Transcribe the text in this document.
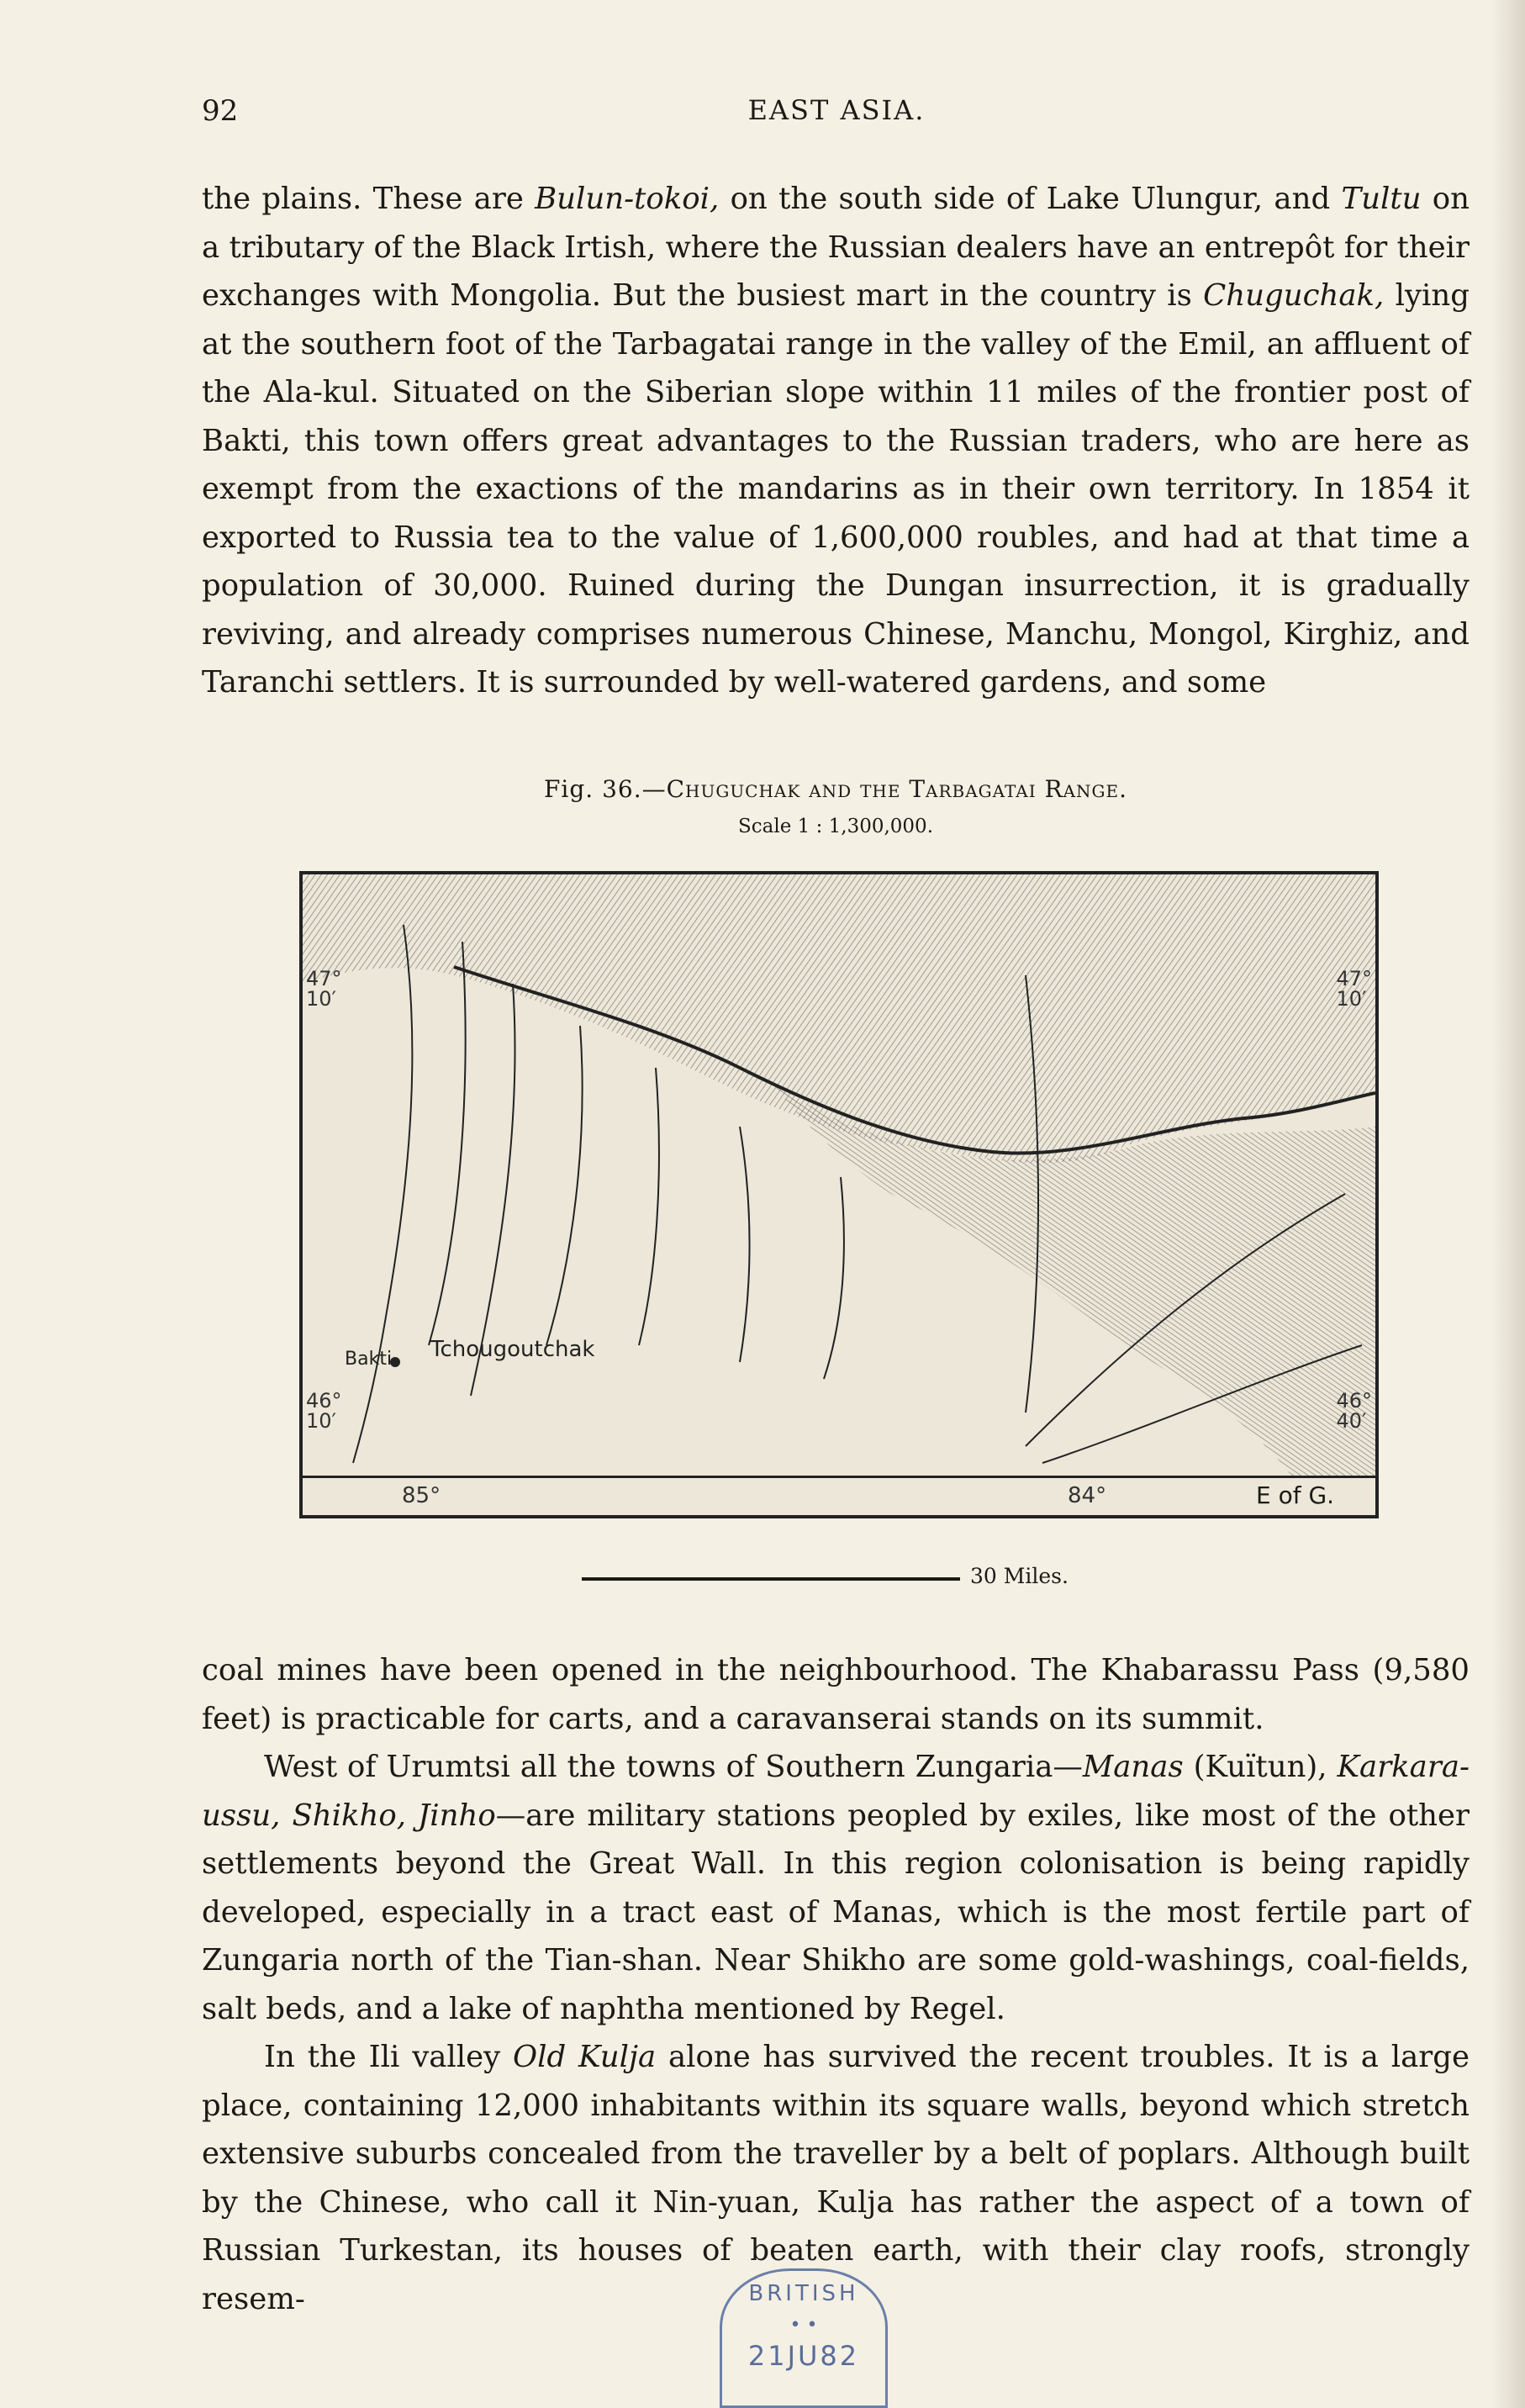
92	EAST ASIA.

the plains. These are Bulun-tokoi, on the south side of Lake Ulungur, and Tultu on a tributary of the Black Irtish, where the Russian dealers have an entrepôt for their exchanges with Mongolia. But the busiest mart in the country is Chuguchak, lying at the southern foot of the Tarbagatai range in the valley of the Emil, an affluent of the Ala-kul. Situated on the Siberian slope within 11 miles of the frontier post of Bakti, this town offers great advantages to the Russian traders, who are here as exempt from the exactions of the mandarins as in their own territory. In 1854 it exported to Russia tea to the value of 1,600,000 roubles, and had at that time a population of 30,000. Ruined during the Dungan insurrection, it is gradually reviving, and already comprises numerous Chinese, Manchu, Mongol, Kirghiz, and Taranchi settlers. It is surrounded by well-watered gardens, and some

Fig. 36.—Chuguchak and the Tarbagatai Range.
Scale 1 : 1,300,000.
Bakti Tchougoutchak
47°
10′
46°
10′
47°
10′
46°
40′
85°	84°	E of G.
30 Miles.

coal mines have been opened in the neighbourhood. The Khabarassu Pass (9,580 feet) is practicable for carts, and a caravanserai stands on its summit.

West of Urumtsi all the towns of Southern Zungaria—Manas (Kuïtun), Karkara-ussu, Shikho, Jinho—are military stations peopled by exiles, like most of the other settlements beyond the Great Wall. In this region colonisation is being rapidly developed, especially in a tract east of Manas, which is the most fertile part of Zungaria north of the Tian-shan. Near Shikho are some gold-washings, coal-fields, salt beds, and a lake of naphtha mentioned by Regel.

In the Ili valley Old Kulja alone has survived the recent troubles. It is a large place, containing 12,000 inhabitants within its square walls, beyond which stretch extensive suburbs concealed from the traveller by a belt of poplars. Although built by the Chinese, who call it Nin-yuan, Kulja has rather the aspect of a town of Russian Turkestan, its houses of beaten earth, with their clay roofs, strongly resem-	BRITISH
• •
21JU82
